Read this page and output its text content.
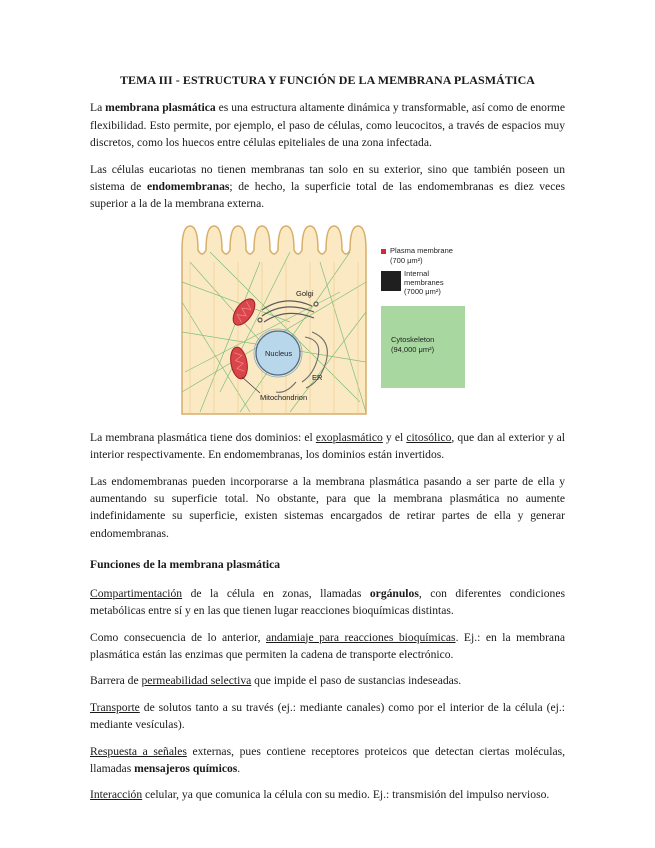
TEMA III - ESTRUCTURA Y FUNCIÓN DE LA MEMBRANA PLASMÁTICA

La membrana plasmática es una estructura altamente dinámica y transformable, así como de enorme flexibilidad. Esto permite, por ejemplo, el paso de células, como leucocitos, a través de espacios muy discretos, como los huecos entre células epiteliales de una zona infectada.

Las células eucariotas no tienen membranas tan solo en su exterior, sino que también poseen un sistema de endomembranas; de hecho, la superficie total de las endomembranas es diez veces superior a la de la membrana externa.

Golgi
Nucleus
ER
Mitochondrion
Plasma membrane
(700 μm²)
Internal
membranes
(7000 μm²)
Cytoskeleton
(94,000 μm²)

La membrana plasmática tiene dos dominios: el exoplasmático y el citosólico, que dan al exterior y al interior respectivamente. En endomembranas, los dominios están invertidos.

Las endomembranas pueden incorporarse a la membrana plasmática pasando a ser parte de ella y aumentando su superficie total. No obstante, para que la membrana plasmática no aumente indefinidamente su superficie, existen sistemas encargados de retirar partes de ella y generar endomembranas.

Funciones de la membrana plasmática

Compartimentación de la célula en zonas, llamadas orgánulos, con diferentes condiciones metabólicas entre sí y en las que tienen lugar reacciones bioquímicas distintas.

Como consecuencia de lo anterior, andamiaje para reacciones bioquímicas. Ej.: en la membrana plasmática están las enzimas que permiten la cadena de transporte electrónico.

Barrera de permeabilidad selectiva que impide el paso de sustancias indeseadas.

Transporte de solutos tanto a su través (ej.: mediante canales) como por el interior de la célula (ej.: mediante vesículas).

Respuesta a señales externas, pues contiene receptores proteicos que detectan ciertas moléculas, llamadas mensajeros químicos.

Interacción celular, ya que comunica la célula con su medio. Ej.: transmisión del impulso nervioso.
